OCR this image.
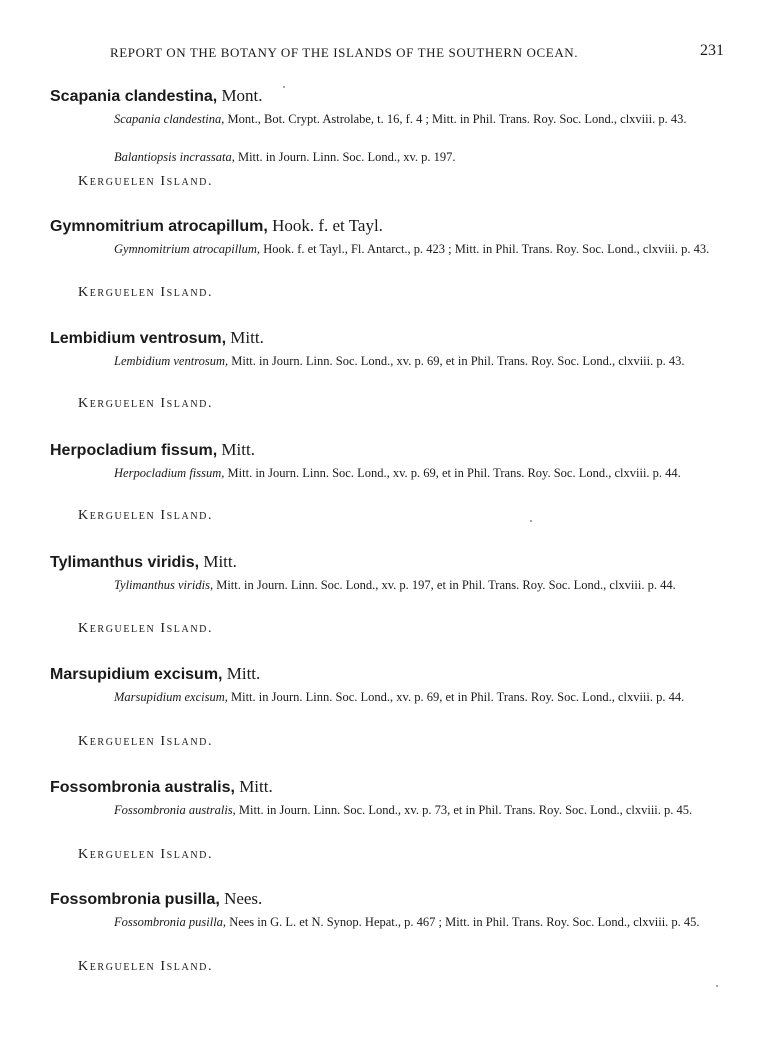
REPORT ON THE BOTANY OF THE ISLANDS OF THE SOUTHERN OCEAN.	231
Scapania clandestina, Mont.
Scapania clandestina, Mont., Bot. Crypt. Astrolabe, t. 16, f. 4 ; Mitt. in Phil. Trans. Roy. Soc. Lond., clxviii. p. 43.
Balantiopsis incrassata, Mitt. in Journ. Linn. Soc. Lond., xv. p. 197.
Kerguelen Island.
Gymnomitrium atrocapillum, Hook. f. et Tayl.
Gymnomitrium atrocapillum, Hook. f. et Tayl., Fl. Antarct., p. 423 ; Mitt. in Phil. Trans. Roy. Soc. Lond., clxviii. p. 43.
Kerguelen Island.
Lembidium ventrosum, Mitt.
Lembidium ventrosum, Mitt. in Journ. Linn. Soc. Lond., xv. p. 69, et in Phil. Trans. Roy. Soc. Lond., clxviii. p. 43.
Kerguelen Island.
Herpocladium fissum, Mitt.
Herpocladium fissum, Mitt. in Journ. Linn. Soc. Lond., xv. p. 69, et in Phil. Trans. Roy. Soc. Lond., clxviii. p. 44.
Kerguelen Island.
Tylimanthus viridis, Mitt.
Tylimanthus viridis, Mitt. in Journ. Linn. Soc. Lond., xv. p. 197, et in Phil. Trans. Roy. Soc. Lond., clxviii. p. 44.
Kerguelen Island.
Marsupidium excisum, Mitt.
Marsupidium excisum, Mitt. in Journ. Linn. Soc. Lond., xv. p. 69, et in Phil. Trans. Roy. Soc. Lond., clxviii. p. 44.
Kerguelen Island.
Fossombronia australis, Mitt.
Fossombronia australis, Mitt. in Journ. Linn. Soc. Lond., xv. p. 73, et in Phil. Trans. Roy. Soc. Lond., clxviii. p. 45.
Kerguelen Island.
Fossombronia pusilla, Nees.
Fossombronia pusilla, Nees in G. L. et N. Synop. Hepat., p. 467 ; Mitt. in Phil. Trans. Roy. Soc. Lond., clxviii. p. 45.
Kerguelen Island.
